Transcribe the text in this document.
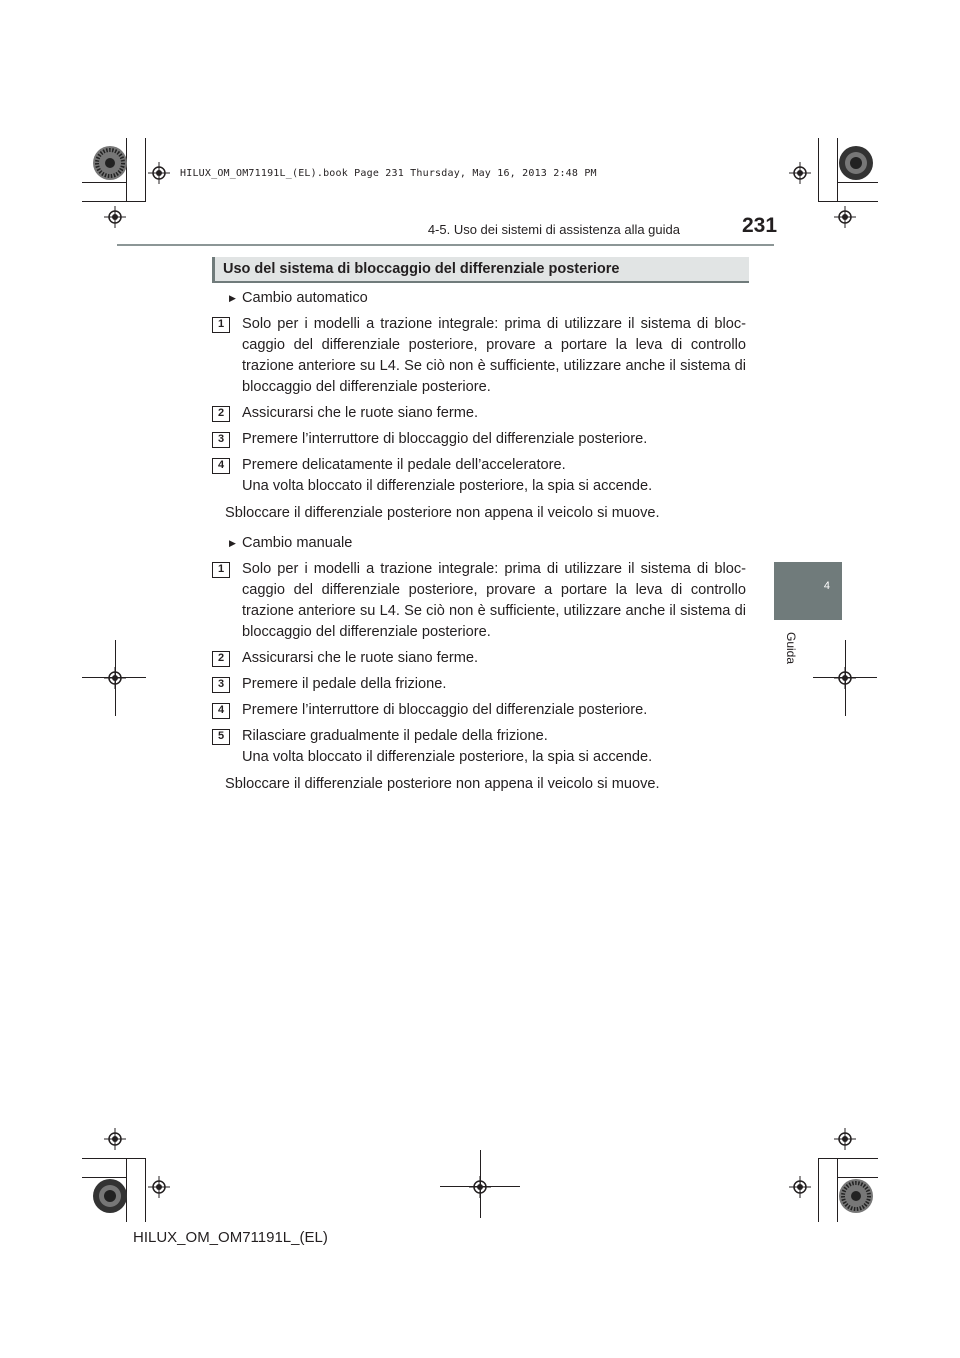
HILUX_OM_OM71191L_(EL).book Page 231 Thursday, May 16, 2013 2:48 PM
4-5. Uso dei sistemi di assistenza alla guida	231
4
Guida
Uso del sistema di bloccaggio del differenziale posteriore
▶ Cambio automatico
1	Solo per i modelli a trazione integrale: prima di utilizzare il sistema di bloc-caggio del differenziale posteriore, provare a portare la leva di controllo trazione anteriore su L4. Se ciò non è sufficiente, utilizzare anche il sistema di bloccaggio del differenziale posteriore.
2	Assicurarsi che le ruote siano ferme.
3	Premere l’interruttore di bloccaggio del differenziale posteriore.
4	Premere delicatamente il pedale dell’acceleratore.
Una volta bloccato il differenziale posteriore, la spia si accende.
Sbloccare il differenziale posteriore non appena il veicolo si muove.
▶ Cambio manuale
1	Solo per i modelli a trazione integrale: prima di utilizzare il sistema di bloc-caggio del differenziale posteriore, provare a portare la leva di controllo trazione anteriore su L4. Se ciò non è sufficiente, utilizzare anche il sistema di bloccaggio del differenziale posteriore.
2	Assicurarsi che le ruote siano ferme.
3	Premere il pedale della frizione.
4	Premere l’interruttore di bloccaggio del differenziale posteriore.
5	Rilasciare gradualmente il pedale della frizione.
Una volta bloccato il differenziale posteriore, la spia si accende.
Sbloccare il differenziale posteriore non appena il veicolo si muove.
HILUX_OM_OM71191L_(EL)
